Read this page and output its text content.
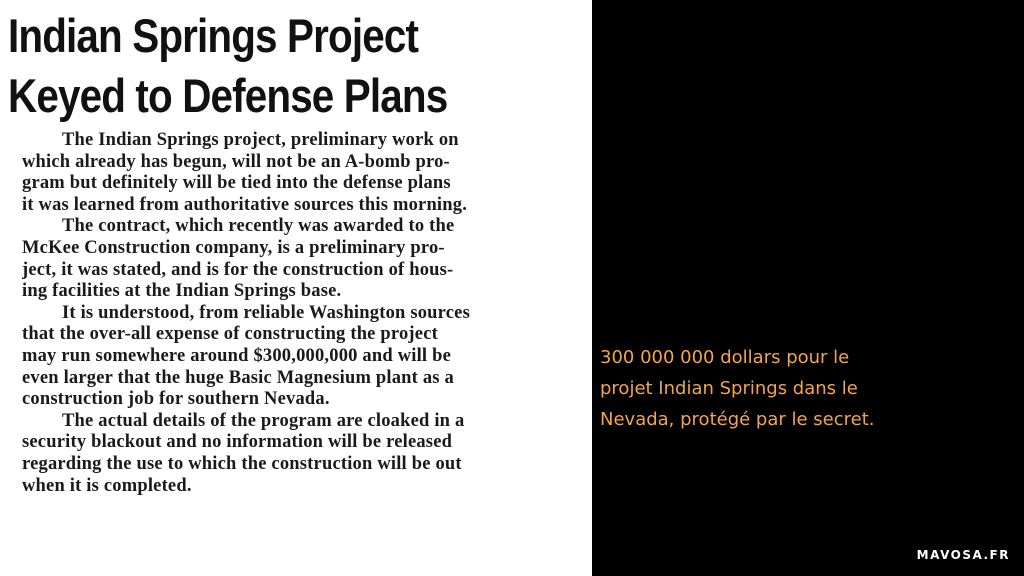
Indian Springs Project
Keyed to Defense Plans
The Indian Springs project, preliminary work on
which already has begun, will not be an A-bomb pro-
gram but definitely will be tied into the defense plans
it was learned from authoritative sources this morning.
The contract, which recently was awarded to the
McKee Construction company, is a preliminary pro-
ject, it was stated, and is for the construction of hous-
ing facilities at the Indian Springs base.
It is understood, from reliable Washington sources
that the over-all expense of constructing the project
may run somewhere around $300,000,000 and will be
even larger that the huge Basic Magnesium plant as a
construction job for southern Nevada.
The actual details of the program are cloaked in a
security blackout and no information will be released
regarding the use to which the construction will be out
when it is completed.
300 000 000 dollars pour le
projet Indian Springs dans le
Nevada, protégé par le secret.
MAVOSA.FR
